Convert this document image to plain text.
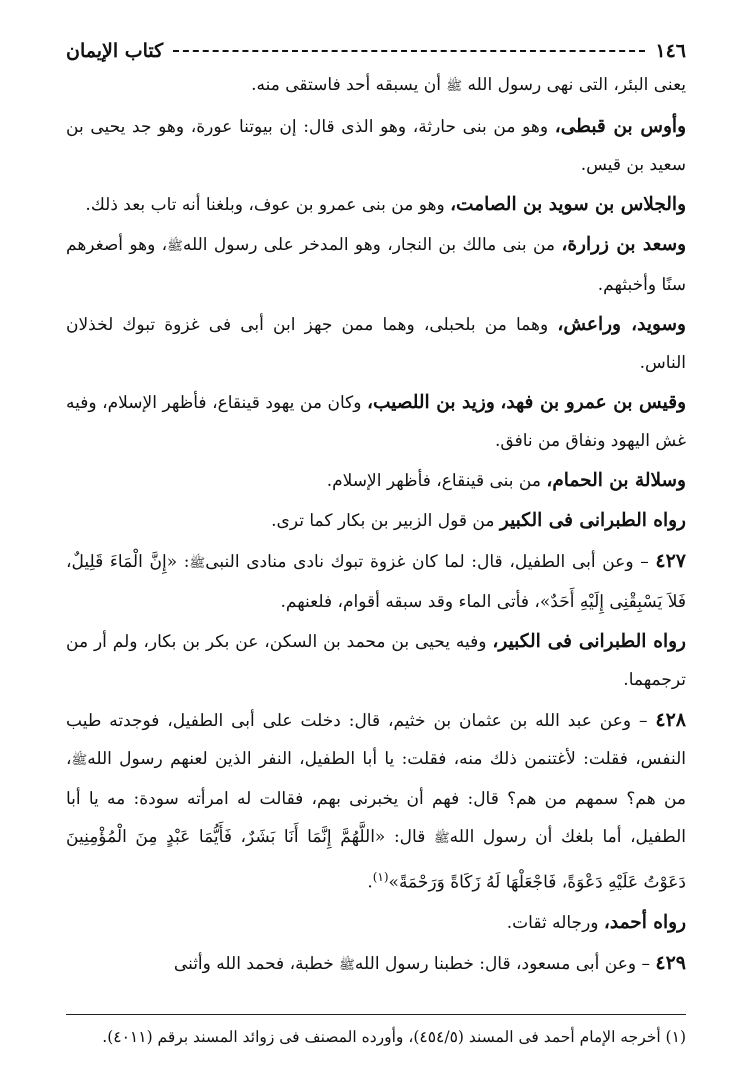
١٤٦
كتاب الإيمان

يعنى البئر، التى نهى رسول الله ﷺ أن يسبقه أحد فاستقى منه.

وأوس بن قبطى، وهو من بنى حارثة، وهو الذى قال: إن بيوتنا عورة، وهو جد يحيى بن سعيد بن قيس.

والجلاس بن سويد بن الصامت، وهو من بنى عمرو بن عوف، وبلغنا أنه تاب بعد ذلك.

وسعد بن زرارة، من بنى مالك بن النجار، وهو المدخر على رسول اللهﷺ، وهو أصغرهم سنًا وأخبثهم.

وسويد، وراعش، وهما من بلحبلى، وهما ممن جهز ابن أبى فى غزوة تبوك لخذلان الناس.

وقيس بن عمرو بن فهد، وزيد بن اللصيب، وكان من يهود قينقاع، فأظهر الإسلام، وفيه غش اليهود ونفاق من نافق.

وسلالة بن الحمام، من بنى قينقاع، فأظهر الإسلام.

رواه الطبرانى فى الكبير من قول الزبير بن بكار كما ترى.

٤٢٧ – وعن أبى الطفيل، قال: لما كان غزوة تبوك نادى منادى النبىﷺ: «إِنَّ الْمَاءَ قَلِيلٌ، فَلاَ يَسْبِقْنِى إِلَيْهِ أَحَدٌ»، فأتى الماء وقد سبقه أقوام، فلعنهم.

رواه الطبرانى فى الكبير، وفيه يحيى بن محمد بن السكن، عن بكر بن بكار، ولم أر من ترجمهما.

٤٢٨ – وعن عبد الله بن عثمان بن خثيم، قال: دخلت على أبى الطفيل، فوجدته طيب النفس، فقلت: لأغتنمن ذلك منه، فقلت: يا أبا الطفيل، النفر الذين لعنهم رسول اللهﷺ، من هم؟ سمهم من هم؟ قال: فهم أن يخبرنى بهم، فقالت له امرأته سودة: مه يا أبا الطفيل، أما بلغك أن رسول اللهﷺ قال: «اللَّهُمَّ إِنَّمَا أَنَا بَشَرٌ، فَأَيُّمَا عَبْدٍ مِنَ الْمُؤْمِنِينَ دَعَوْتُ عَلَيْهِ دَعْوَةً، فَاجْعَلْهَا لَهُ زَكَاةً وَرَحْمَةً»$^{(١)}$.

رواه أحمد، ورجاله ثقات.

٤٢٩ – وعن أبى مسعود، قال: خطبنا رسول اللهﷺ خطبة، فحمد الله وأثنى

(١) أخرجه الإمام أحمد فى المسند (٤٥٤/٥)، وأورده المصنف فى زوائد المسند برقم (٤٠١١).
